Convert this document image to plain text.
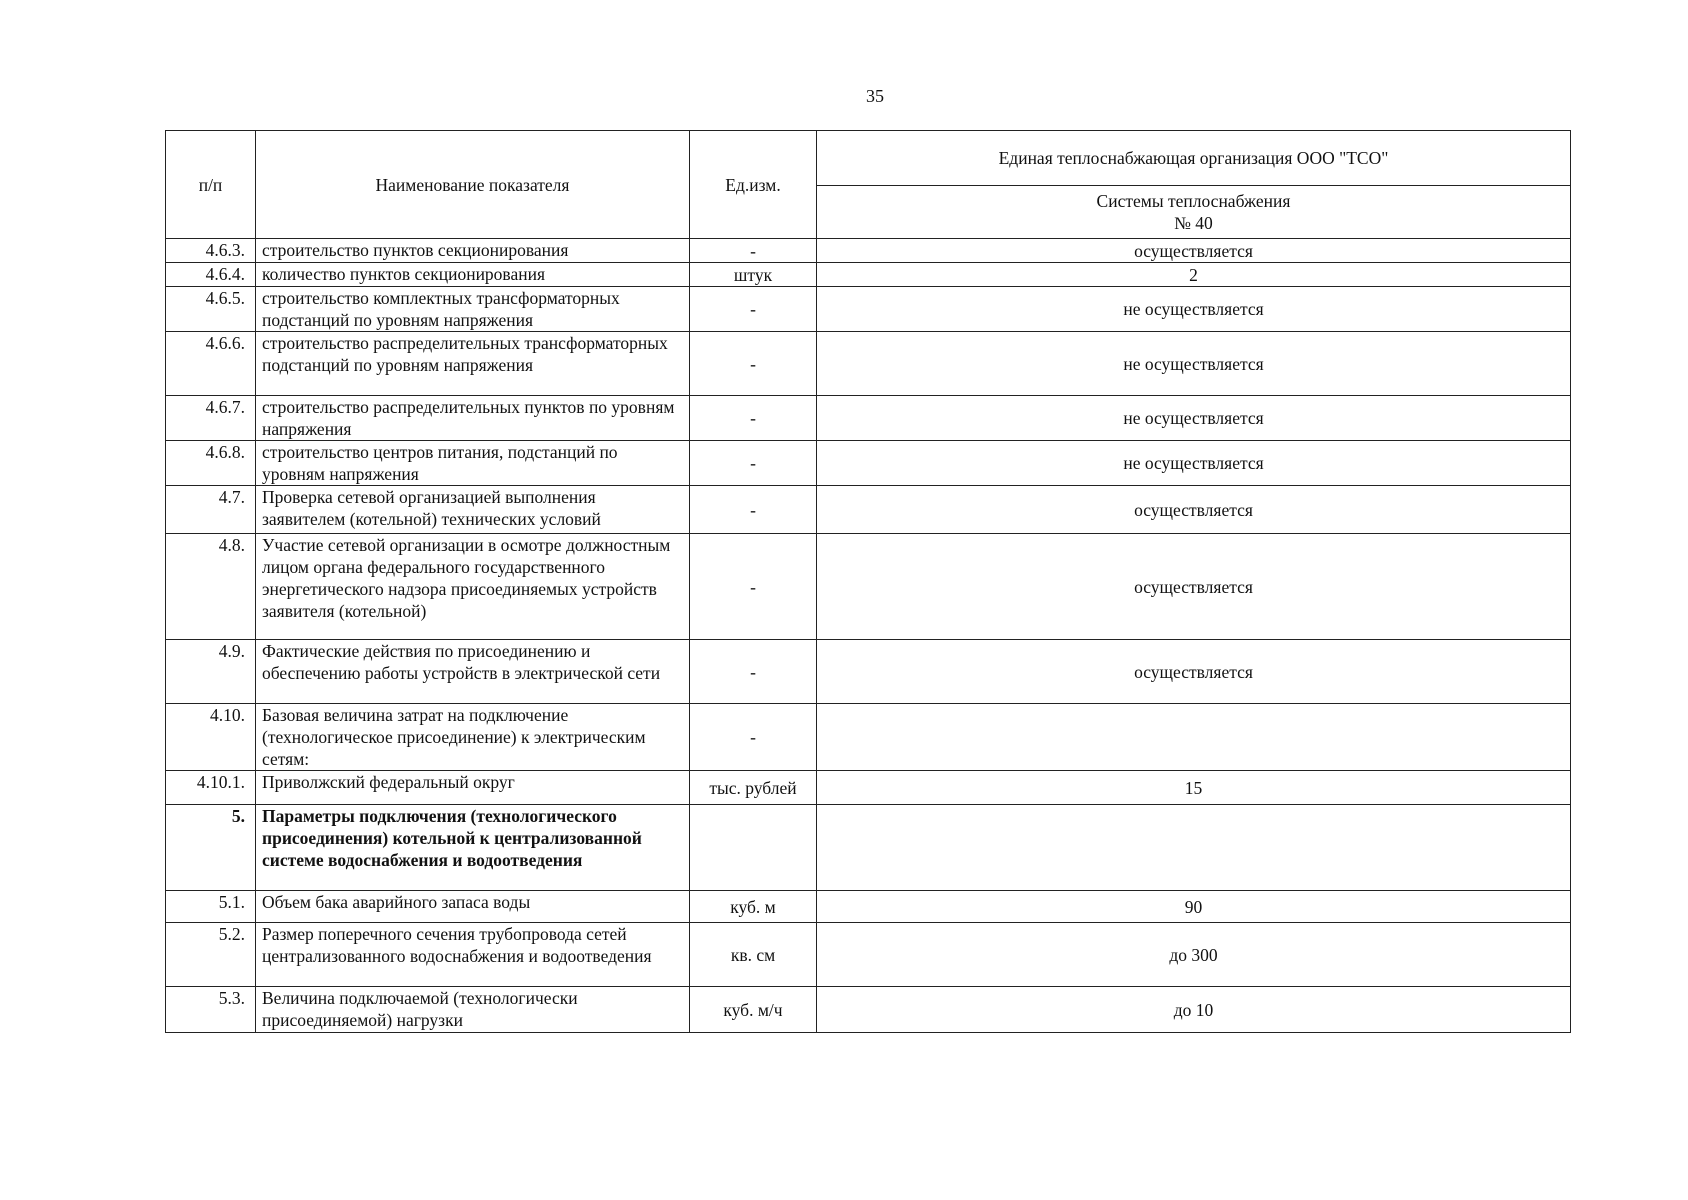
35
п/п	Наименование показателя	Ед.изм.	Единая теплоснабжающая организация ООО "ТСО"

			Системы теплоснабжения
№ 40

4.6.3.	строительство пунктов секционирования	-	осуществляется
4.6.4.	количество пунктов секционирования	штук	2
4.6.5.	строительство комплектных трансформаторных подстанций по уровням напряжения	-	не осуществляется
4.6.6.	строительство распределительных трансформаторных подстанций по уровням напряжения	-	не осуществляется
4.6.7.	строительство распределительных пунктов по уровням напряжения	-	не осуществляется
4.6.8.	строительство центров питания, подстанций по уровням напряжения	-	не осуществляется
4.7.	Проверка сетевой организацией выполнения заявителем (котельной) технических условий	-	осуществляется
4.8.	Участие сетевой организации в осмотре должностным лицом органа федерального государственного энергетического надзора присоединяемых устройств заявителя (котельной)	-	осуществляется
4.9.	Фактические действия по присоединению и обеспечению работы устройств в электрической сети	-	осуществляется
4.10.	Базовая величина затрат на подключение (технологическое присоединение) к электрическим сетям:	-	
4.10.1.	Приволжский федеральный округ	тыс. рублей	15
5.	Параметры подключения (технологического присоединения) котельной к централизованной системе водоснабжения и водоотведения		
5.1.	Объем бака аварийного запаса воды	куб. м	90
5.2.	Размер поперечного сечения трубопровода сетей централизованного водоснабжения и водоотведения	кв. см	до 300
5.3.	Величина подключаемой (технологически присоединяемой) нагрузки	куб. м/ч	до 10
